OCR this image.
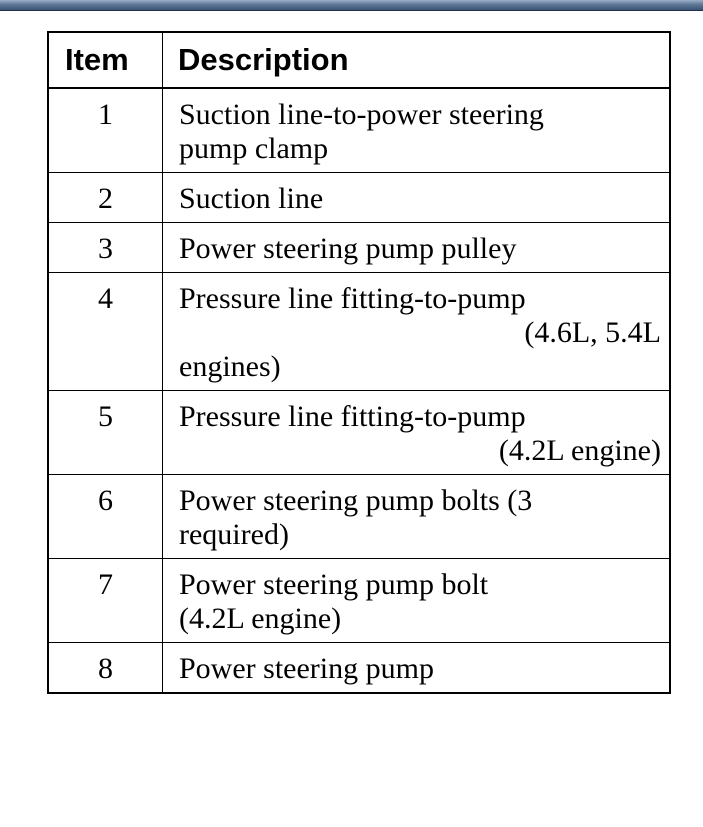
Item	Description
1	Suction line-to-power steering
pump clamp

2	Suction line

3	Power steering pump pulley

4	Pressure line fitting-to-pump
(4.6L, 5.4L
engines)

5	Pressure line fitting-to-pump
(4.2L engine)

6	Power steering pump bolts (3
required)

7	Power steering pump bolt
(4.2L engine)

8	Power steering pump
